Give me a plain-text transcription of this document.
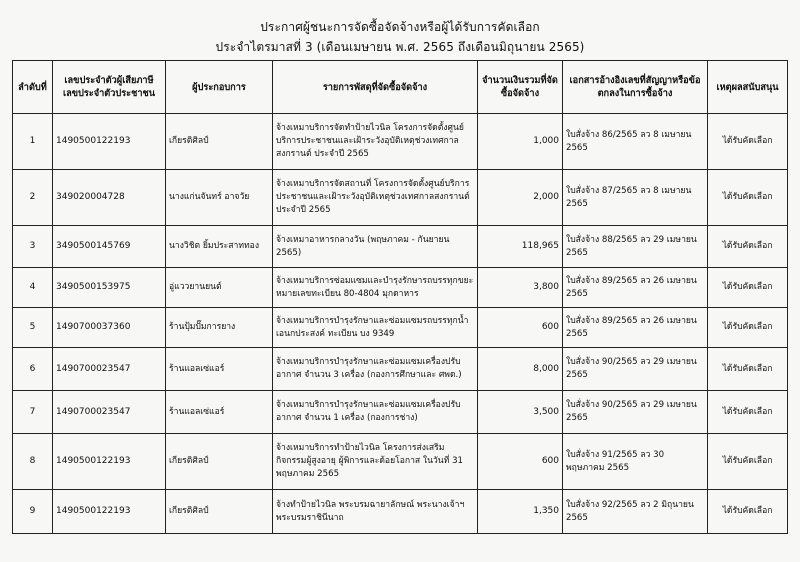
ประกาศผู้ชนะการจัดซื้อจัดจ้างหรือผู้ได้รับการคัดเลือก
ประจำไตรมาสที่ 3 (เดือนเมษายน พ.ศ. 2565 ถึงเดือนมิถุนายน 2565)
ลำดับที่	เลขประจำตัวผู้เสียภาษี เลขประจำตัวประชาชน	ผู้ประกอบการ	รายการพัสดุที่จัดซื้อจัดจ้าง	จำนวนเงินรวมที่จัดซื้อจัดจ้าง	เอกสารอ้างอิงเลขที่สัญญาหรือข้อตกลงในการซื้อจ้าง	เหตุผลสนับสนุน
1	1490500122193	เกียรติศิลป์	จ้างเหมาบริการจัดทำป้ายไวนิล โครงการจัดตั้งศูนย์บริการประชาชนและเฝ้าระวังอุบัติเหตุช่วงเทศกาลสงกรานต์ ประจำปี 2565	1,000	ใบสั่งจ้าง 86/2565 ลว 8 เมษายน 2565	ได้รับคัดเลือก
2	349020004728	นางแก่นจันทร์ อาจวัย	จ้างเหมาบริการจัดสถานที่ โครงการจัดตั้งศูนย์บริการประชาชนและเฝ้าระวังอุบัติเหตุช่วงเทศกาลสงกรานต์ ประจำปี 2565	2,000	ใบสั่งจ้าง 87/2565 ลว 8 เมษายน 2565	ได้รับคัดเลือก
3	3490500145769	นางวิชิต ยิ้มประสาททอง	จ้างเหมาอาหารกลางวัน (พฤษภาคม - กันยายน 2565)	118,965	ใบสั่งจ้าง 88/2565 ลว 29 เมษายน 2565	ได้รับคัดเลือก
4	3490500153975	อู่แววยานยนต์	จ้างเหมาบริการซ่อมแซมและบำรุงรักษารถบรรทุกขยะ หมายเลขทะเบียน 80-4804 มุกดาหาร	3,800	ใบสั่งจ้าง 89/2565 ลว 26 เมษายน 2565	ได้รับคัดเลือก
5	1490700037360	ร้านปุ้มปั๊มการยาง	จ้างเหมาบริการบำรุงรักษาและซ่อมแซมรถบรรทุกน้ำเอนกประสงค์ ทะเบียน บง 9349	600	ใบสั่งจ้าง 89/2565 ลว 26 เมษายน 2565	ได้รับคัดเลือก
6	1490700023547	ร้านแอลเซ่แอร์	จ้างเหมาบริการบำรุงรักษาและซ่อมแซมเครื่องปรับอากาศ จำนวน 3 เครื่อง (กองการศึกษาและ ศพด.)	8,000	ใบสั่งจ้าง 90/2565 ลว 29 เมษายน 2565	ได้รับคัดเลือก
7	1490700023547	ร้านแอลเซ่แอร์	จ้างเหมาบริการบำรุงรักษาและซ่อมแซมเครื่องปรับอากาศ จำนวน 1 เครื่อง (กองการช่าง)	3,500	ใบสั่งจ้าง 90/2565 ลว 29 เมษายน 2565	ได้รับคัดเลือก
8	1490500122193	เกียรติศิลป์	จ้างเหมาบริการทำป้ายไวนิล โครงการส่งเสริมกิจกรรมผู้สูงอายุ ผู้พิการและด้อยโอกาส ในวันที่ 31 พฤษภาคม 2565	600	ใบสั่งจ้าง 91/2565 ลว 30 พฤษภาคม 2565	ได้รับคัดเลือก
9	1490500122193	เกียรติศิลป์	จ้างทำป้ายไวนิล พระบรมฉายาลักษณ์ พระนางเจ้าฯ พระบรมราชินีนาถ	1,350	ใบสั่งจ้าง 92/2565 ลว 2 มิถุนายน 2565	ได้รับคัดเลือก
